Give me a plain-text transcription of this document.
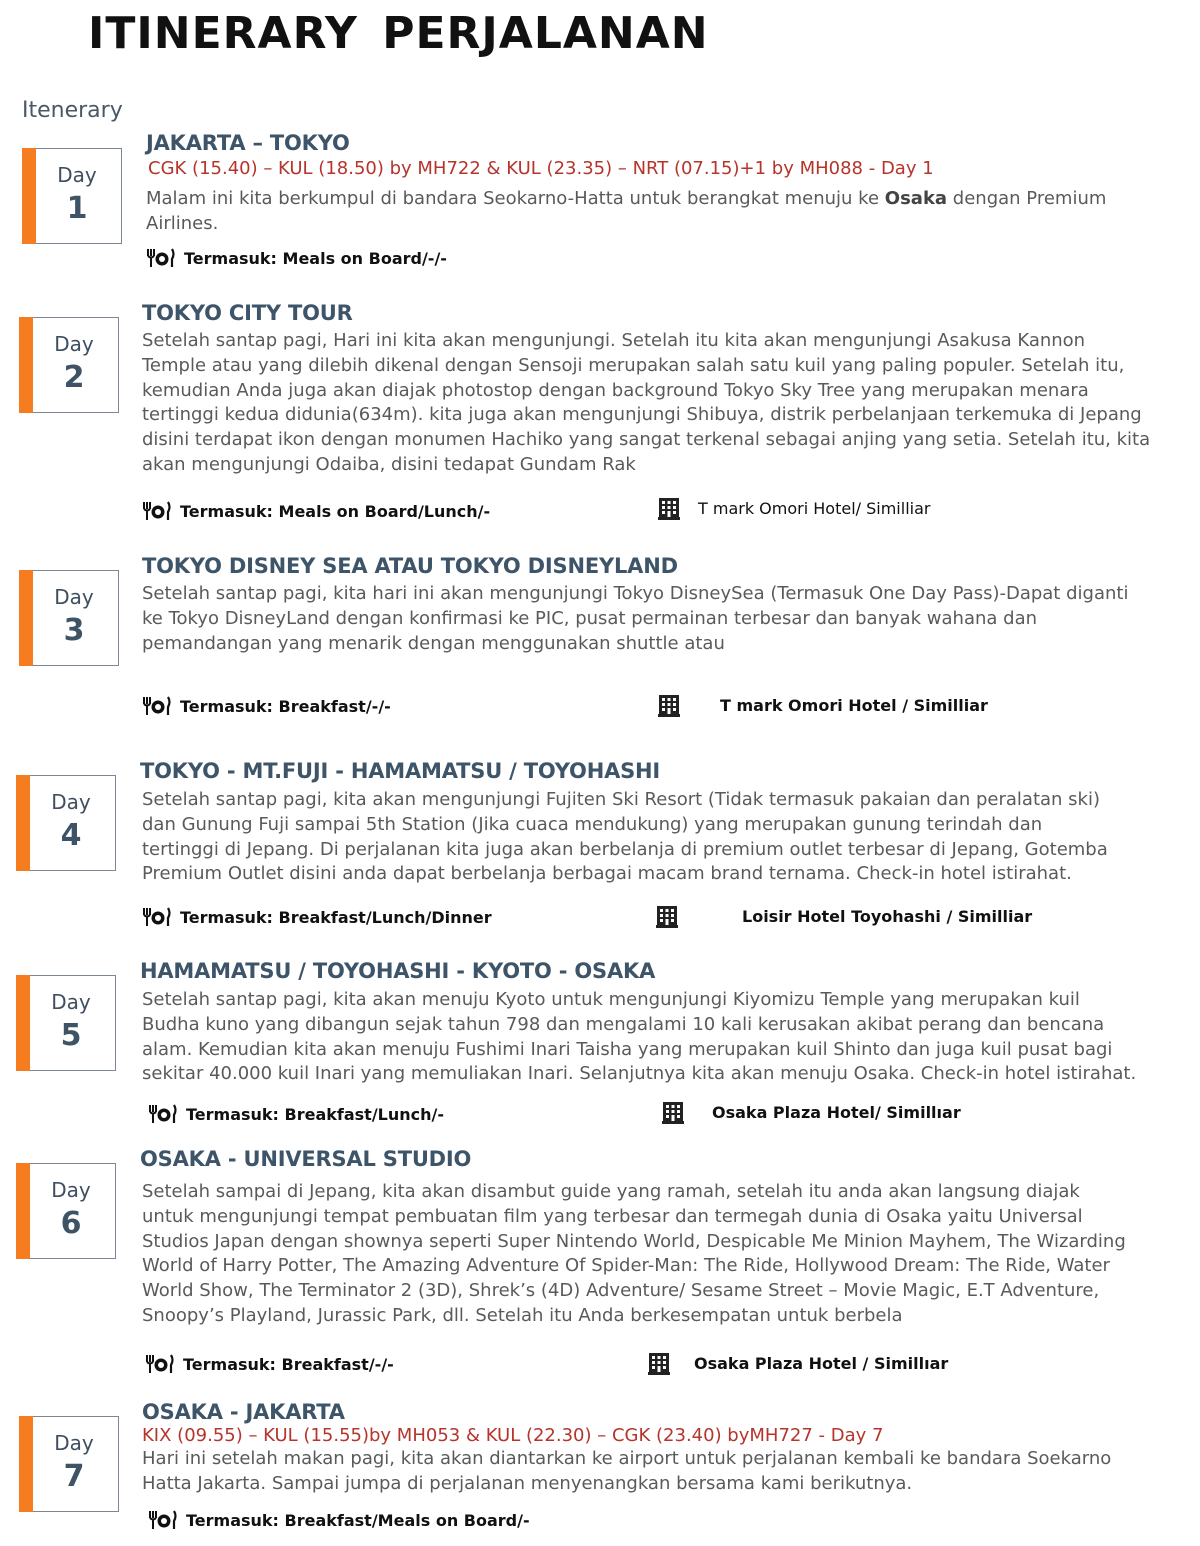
ITINERARY PERJALANAN
Itenerary
Day
1
JAKARTA – TOKYO
CGK (15.40) – KUL (18.50) by MH722 & KUL (23.35) – NRT (07.15)+1 by MH088 - Day 1
Malam ini kita berkumpul di bandara Seokarno-Hatta untuk berangkat menuju ke Osaka dengan Premium
Airlines.
Termasuk: Meals on Board/-/-
Day
2
TOKYO CITY TOUR
Setelah santap pagi, Hari ini kita akan mengunjungi. Setelah itu kita akan mengunjungi Asakusa Kannon
Temple atau yang dilebih dikenal dengan Sensoji merupakan salah satu kuil yang paling populer. Setelah itu,
kemudian Anda juga akan diajak photostop dengan background Tokyo Sky Tree yang merupakan menara
tertinggi kedua didunia(634m). kita juga akan mengunjungi Shibuya, distrik perbelanjaan terkemuka di Jepang
disini terdapat ikon dengan monumen Hachiko yang sangat terkenal sebagai anjing yang setia. Setelah itu, kita
akan mengunjungi Odaiba, disini tedapat Gundam Rak
Termasuk: Meals on Board/Lunch/-	T mark Omori Hotel/ Similliar
Day
3
TOKYO DISNEY SEA ATAU TOKYO DISNEYLAND
Setelah santap pagi, kita hari ini akan mengunjungi Tokyo DisneySea (Termasuk One Day Pass)-Dapat diganti
ke Tokyo DisneyLand dengan konfirmasi ke PIC, pusat permainan terbesar dan banyak wahana dan
pemandangan yang menarik dengan menggunakan shuttle atau
Termasuk: Breakfast/-/-	T mark Omori Hotel / Similliar
Day
4
TOKYO - MT.FUJI - HAMAMATSU / TOYOHASHI
Setelah santap pagi, kita akan mengunjungi Fujiten Ski Resort (Tidak termasuk pakaian dan peralatan ski)
dan Gunung Fuji sampai 5th Station (Jika cuaca mendukung) yang merupakan gunung terindah dan
tertinggi di Jepang. Di perjalanan kita juga akan berbelanja di premium outlet terbesar di Jepang, Gotemba
Premium Outlet disini anda dapat berbelanja berbagai macam brand ternama. Check-in hotel istirahat.
Termasuk: Breakfast/Lunch/Dinner	Loisir Hotel Toyohashi / Similliar
Day
5
HAMAMATSU / TOYOHASHI - KYOTO - OSAKA
Setelah santap pagi, kita akan menuju Kyoto untuk mengunjungi Kiyomizu Temple yang merupakan kuil
Budha kuno yang dibangun sejak tahun 798 dan mengalami 10 kali kerusakan akibat perang dan bencana
alam. Kemudian kita akan menuju Fushimi Inari Taisha yang merupakan kuil Shinto dan juga kuil pusat bagi
sekitar 40.000 kuil Inari yang memuliakan Inari. Selanjutnya kita akan menuju Osaka. Check-in hotel istirahat.
Termasuk: Breakfast/Lunch/-	Osaka Plaza Hotel/ Simillıar
Day
6
OSAKA - UNIVERSAL STUDIO
Setelah sampai di Jepang, kita akan disambut guide yang ramah, setelah itu anda akan langsung diajak
untuk mengunjungi tempat pembuatan film yang terbesar dan termegah dunia di Osaka yaitu Universal
Studios Japan dengan shownya seperti Super Nintendo World, Despicable Me Minion Mayhem, The Wizarding
World of Harry Potter, The Amazing Adventure Of Spider-Man: The Ride, Hollywood Dream: The Ride, Water
World Show, The Terminator 2 (3D), Shrek’s (4D) Adventure/ Sesame Street – Movie Magic, E.T Adventure,
Snoopy’s Playland, Jurassic Park, dll. Setelah itu Anda berkesempatan untuk berbela
Termasuk: Breakfast/-/-	Osaka Plaza Hotel / Simillıar
Day
7
OSAKA - JAKARTA
KIX (09.55) – KUL (15.55)by MH053 & KUL (22.30) – CGK (23.40) byMH727 - Day 7
Hari ini setelah makan pagi, kita akan diantarkan ke airport untuk perjalanan kembali ke bandara Soekarno
Hatta Jakarta. Sampai jumpa di perjalanan menyenangkan bersama kami berikutnya.
Termasuk: Breakfast/Meals on Board/-
